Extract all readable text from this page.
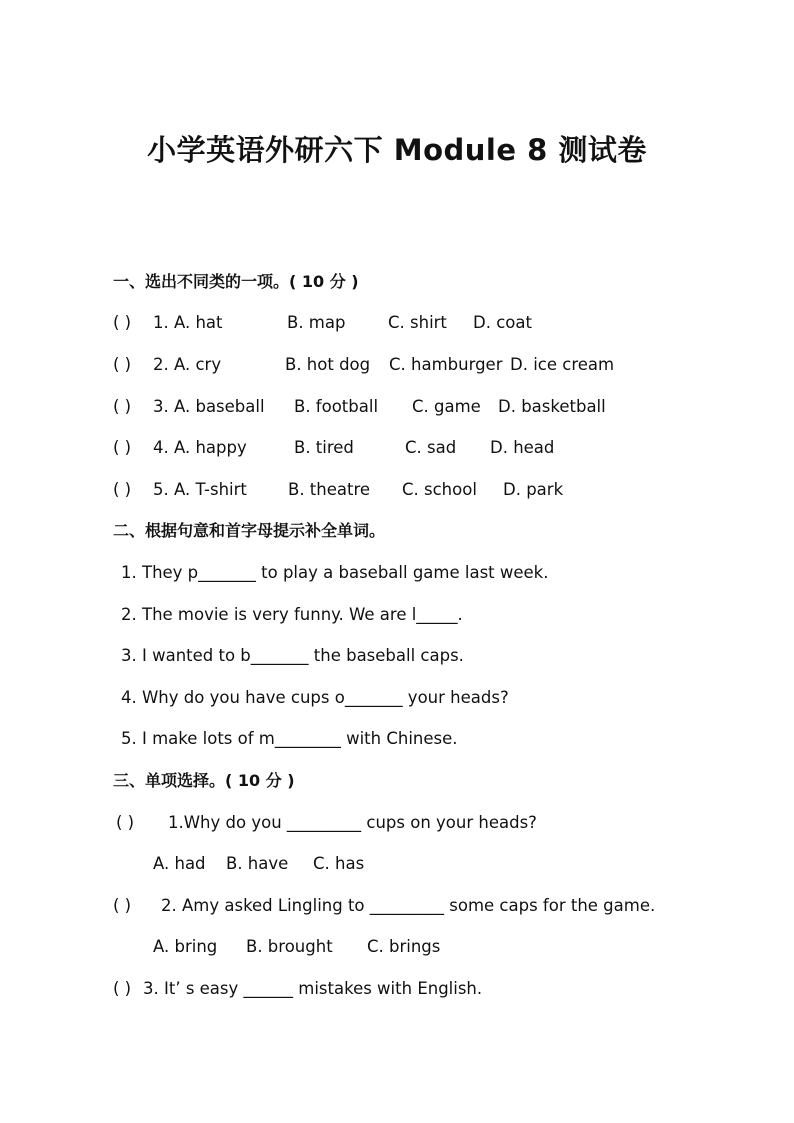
小学英语外研六下 Module 8 测试卷
一、选出不同类的一项。( 10 分 )
( ) 1. A. hat	B. map	C. shirt D. coat
( ) 2. A. cry	B. hot dog C. hamburger D. ice cream
( ) 3. A. baseball B. football C. game D. basketball
( ) 4. A. happy	B. tired	C. sad D. head
( ) 5. A. T-shirt B. theatre C. school D. park
二、根据句意和首字母提示补全单词。
1. They p_______ to play a baseball game last week.
2. The movie is very funny. We are l_____.
3. I wanted to b_______ the baseball caps.
4. Why do you have cups o_______ your heads?
5. I make lots of m________ with Chinese.
三、单项选择。( 10 分 )
( ) 1.Why do you _________ cups on your heads?
A. had B. have C. has
( ) 2. Amy asked Lingling to _________ some caps for the game.
A. bring B. brought C. brings
( ) 3. It’ s easy ______ mistakes with English.
